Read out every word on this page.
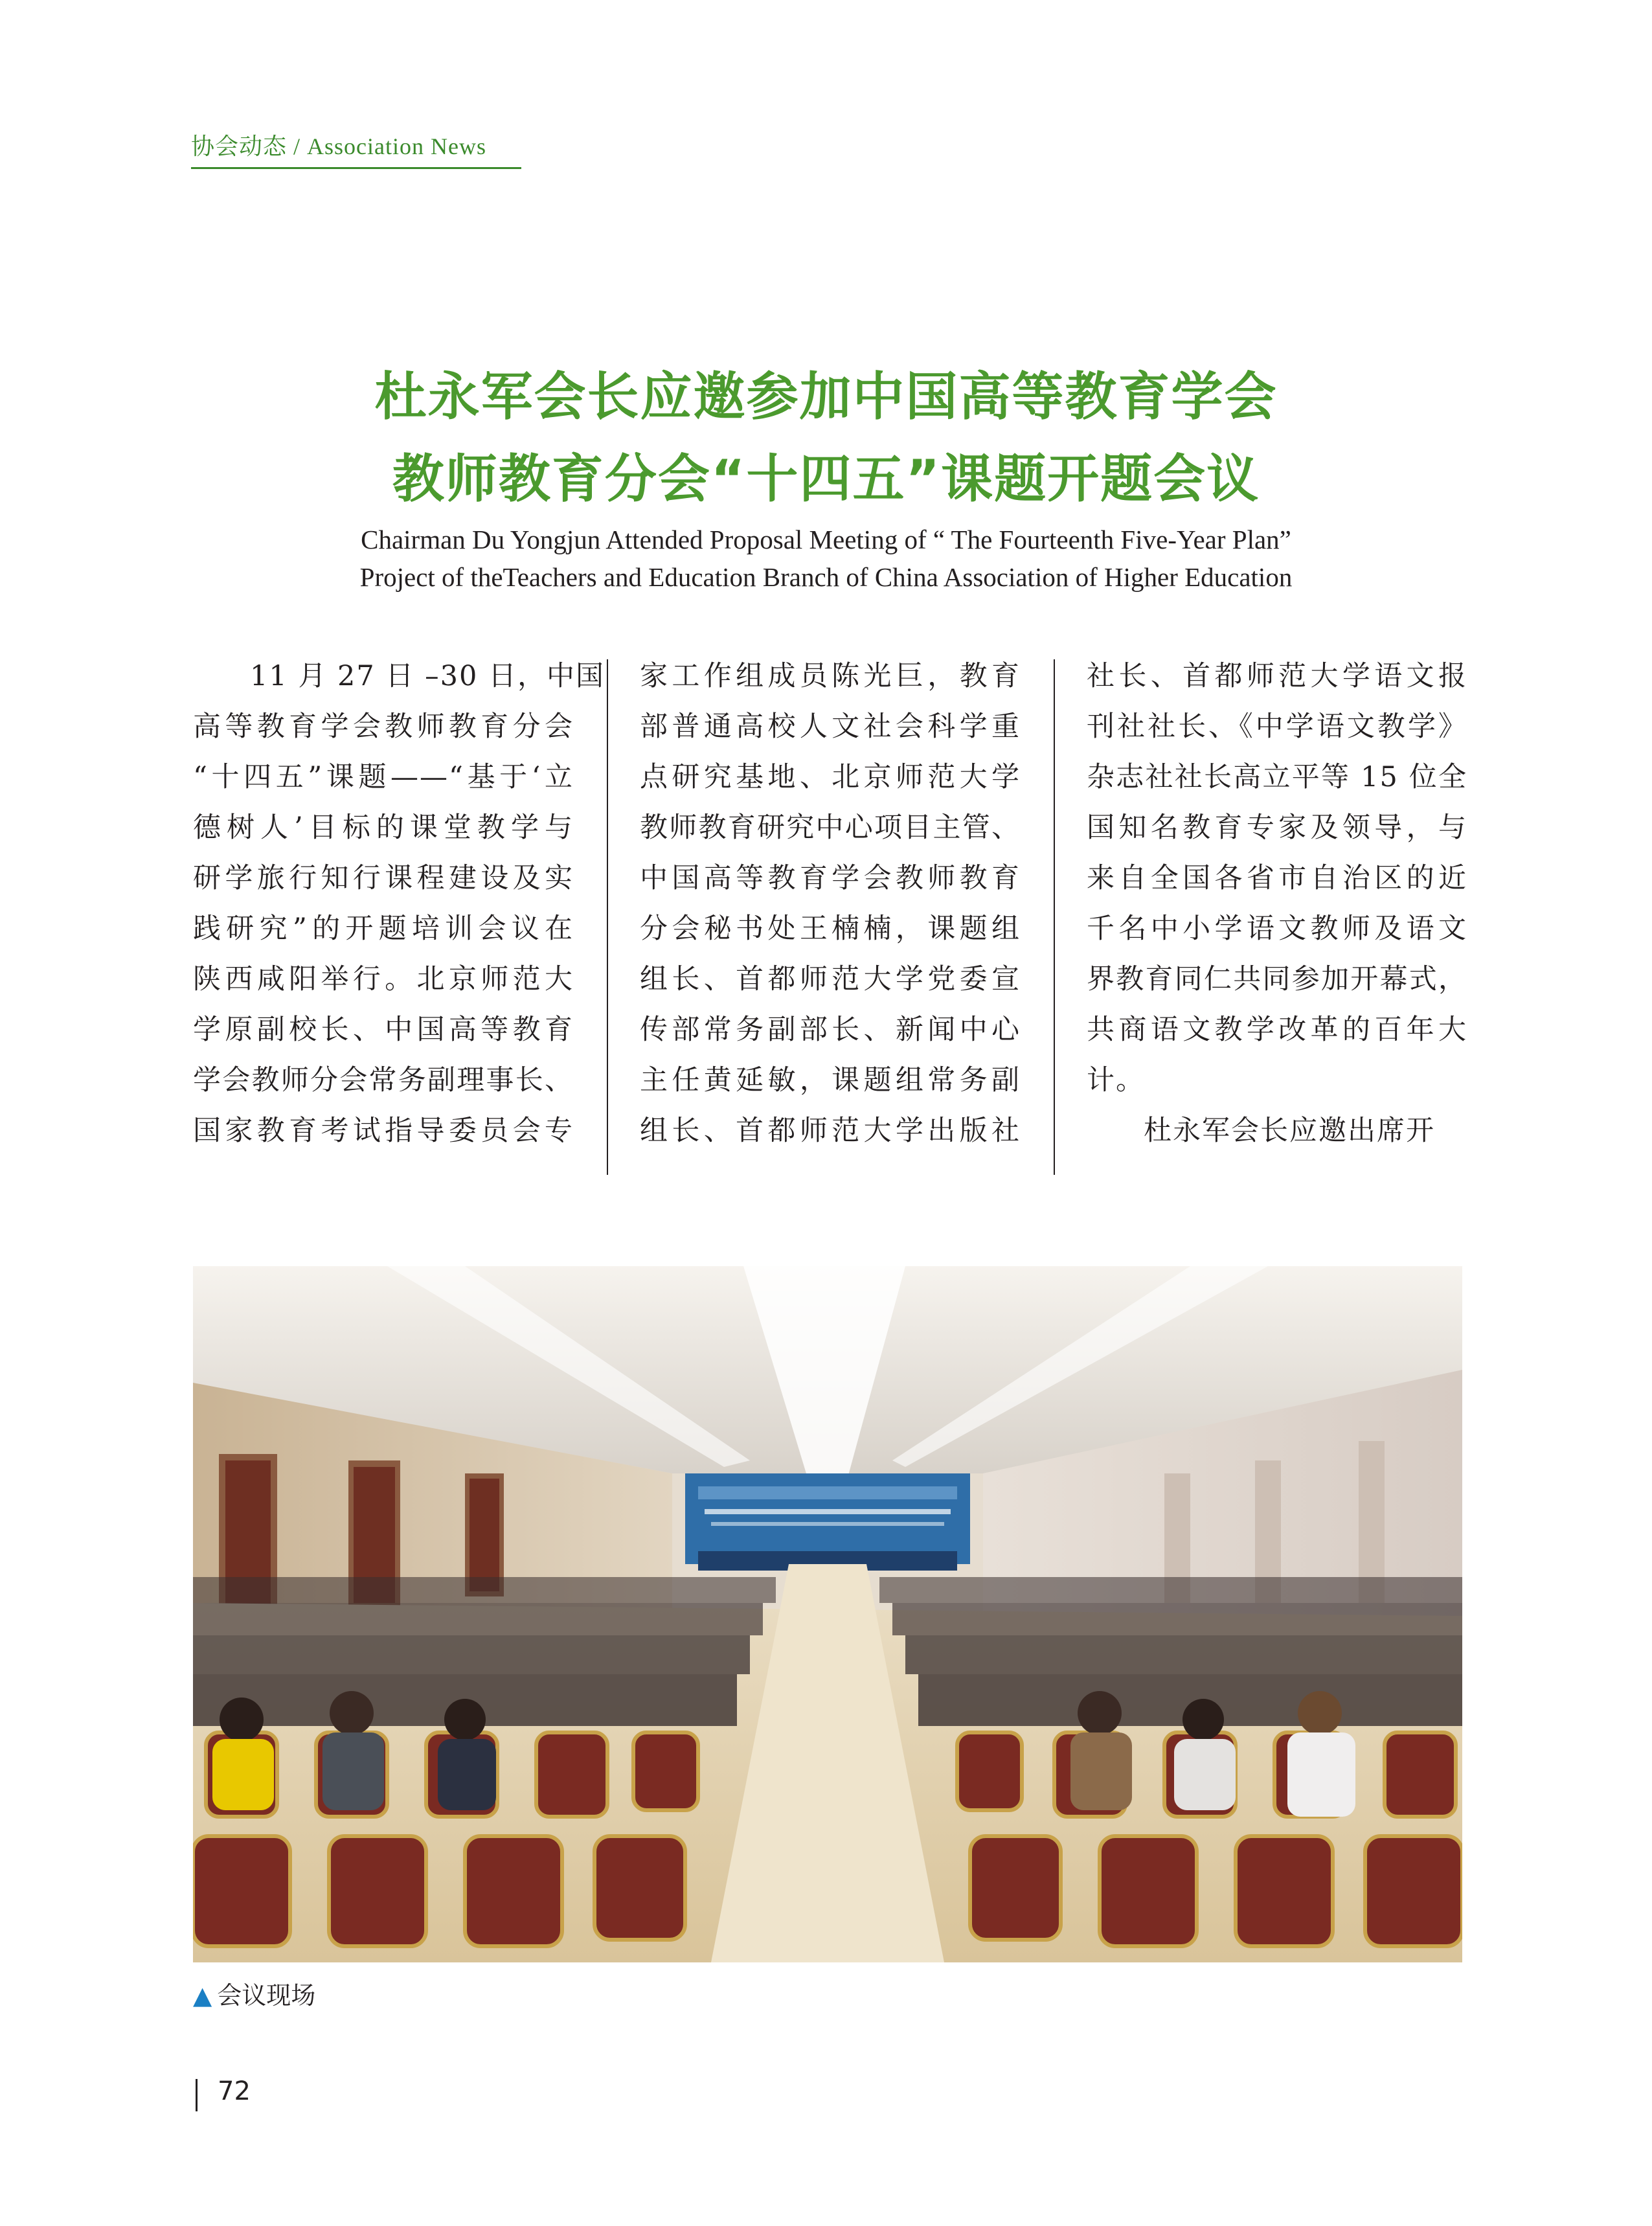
协会动态 / Association News
杜永军会长应邀参加中国高等教育学会
教师教育分会“十四五”课题开题会议
Chairman Du Yongjun Attended Proposal Meeting of “ The Fourteenth Five-Year Plan”
Project of theTeachers and Education Branch of China Association of Higher Education
11 月 27 日 –30 日，中国
高等教育学会教师教育分会
“十四五”课题——“基于‘立
德树人’目标的课堂教学与
研学旅行知行课程建设及实
践研究”的开题培训会议在
陕西咸阳举行。北京师范大
学原副校长、中国高等教育
学会教师分会常务副理事长、
国家教育考试指导委员会专
家工作组成员陈光巨，教育
部普通高校人文社会科学重
点研究基地、北京师范大学
教师教育研究中心项目主管、
中国高等教育学会教师教育
分会秘书处王楠楠，课题组
组长、首都师范大学党委宣
传部常务副部长、新闻中心
主任黄延敏，课题组常务副
组长、首都师范大学出版社
社长、首都师范大学语文报
刊社社长、《中学语文教学》
杂志社社长高立平等 15 位全
国知名教育专家及领导，与
来自全国各省市自治区的近
千名中小学语文教师及语文
界教育同仁共同参加开幕式，
共商语文教学改革的百年大
计。
杜永军会长应邀出席开
▲ 会议现场
72
